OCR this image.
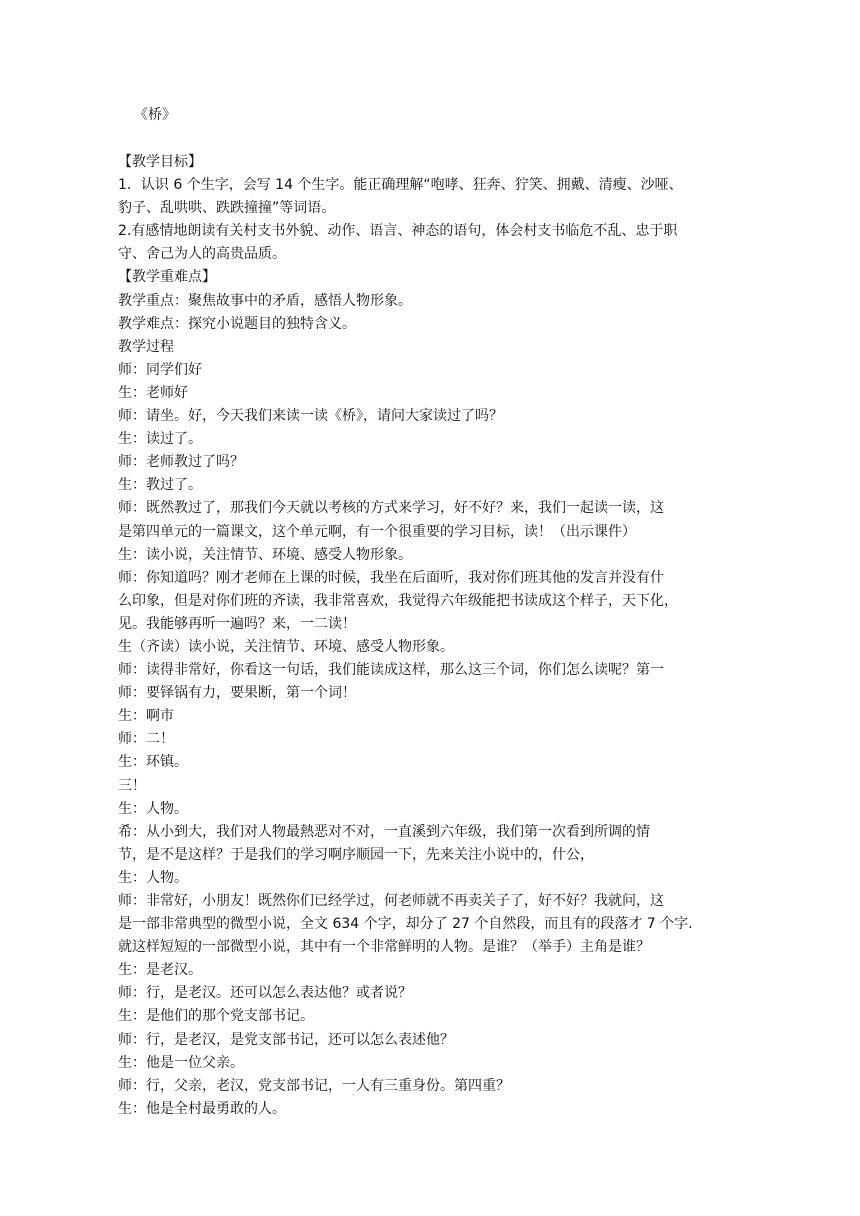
《桥》
【教学目标】
1．认识 6 个生字，会写 14 个生字。能正确理解“咆哮、狂奔、狞笑、拥戴、清瘦、沙哑、
豹子、乱哄哄、跌跌撞撞”等词语。
2.有感情地朗读有关村支书外貌、动作、语言、神态的语句，体会村支书临危不乱、忠于职
守、舍己为人的高贵品质。
【教学重难点】
教学重点：聚焦故事中的矛盾，感悟人物形象。
教学难点：探究小说题目的独特含义。
教学过程
师：同学们好
生：老师好
师：请坐。好，今天我们来读一读《桥》，请问大家读过了吗？
生：读过了。
师：老师教过了吗？
生：教过了。
师：既然教过了，那我们今天就以考核的方式来学习，好不好？来，我们一起读一读，这
是第四单元的一篇课文，这个单元啊，有一个很重要的学习目标，读！（出示课件）
生：读小说，关注情节、环境、感受人物形象。
师：你知道吗？刚才老师在上课的时候，我坐在后面听，我对你们班其他的发言并没有什
么印象，但是对你们班的齐读，我非常喜欢，我觉得六年级能把书读成这个样子，天下化，
见。我能够再听一遍吗？来，一二读！
生（齐读）读小说，关注情节、环境、感受人物形象。
师：读得非常好，你看这一句话，我们能读成这样，那么这三个词，你们怎么读呢？第一
师：要铎锅有力，要果断，第一个词！
生：啊市
师：二！
生：环镇。
三！
生：人物。
希：从小到大，我们对人物最熱恶对不对，一直溪到六年级，我们第一次看到所调的情
节，是不是这样？于是我们的学习啊序顺园一下，先来关注小说中的，什公，
生：人物。
师：非常好，小朋友！既然你们已经学过，何老师就不再卖关子了，好不好？我就问，这
是一部非常典型的微型小说，全文 634 个字，却分了 27 个自然段，而且有的段落才 7 个字.
就这样短短的一部微型小说，其中有一个非常鲜明的人物。是谁？（举手）主角是谁？
生：是老汉。
师：行，是老汉。还可以怎么表达他？或者说？
生：是他们的那个党支部书记。
师：行，是老汉，是党支部书记，还可以怎么表述他？
生：他是一位父亲。
师：行，父亲，老汉，党支部书记，一人有三重身份。第四重？
生：他是全村最勇敢的人。
